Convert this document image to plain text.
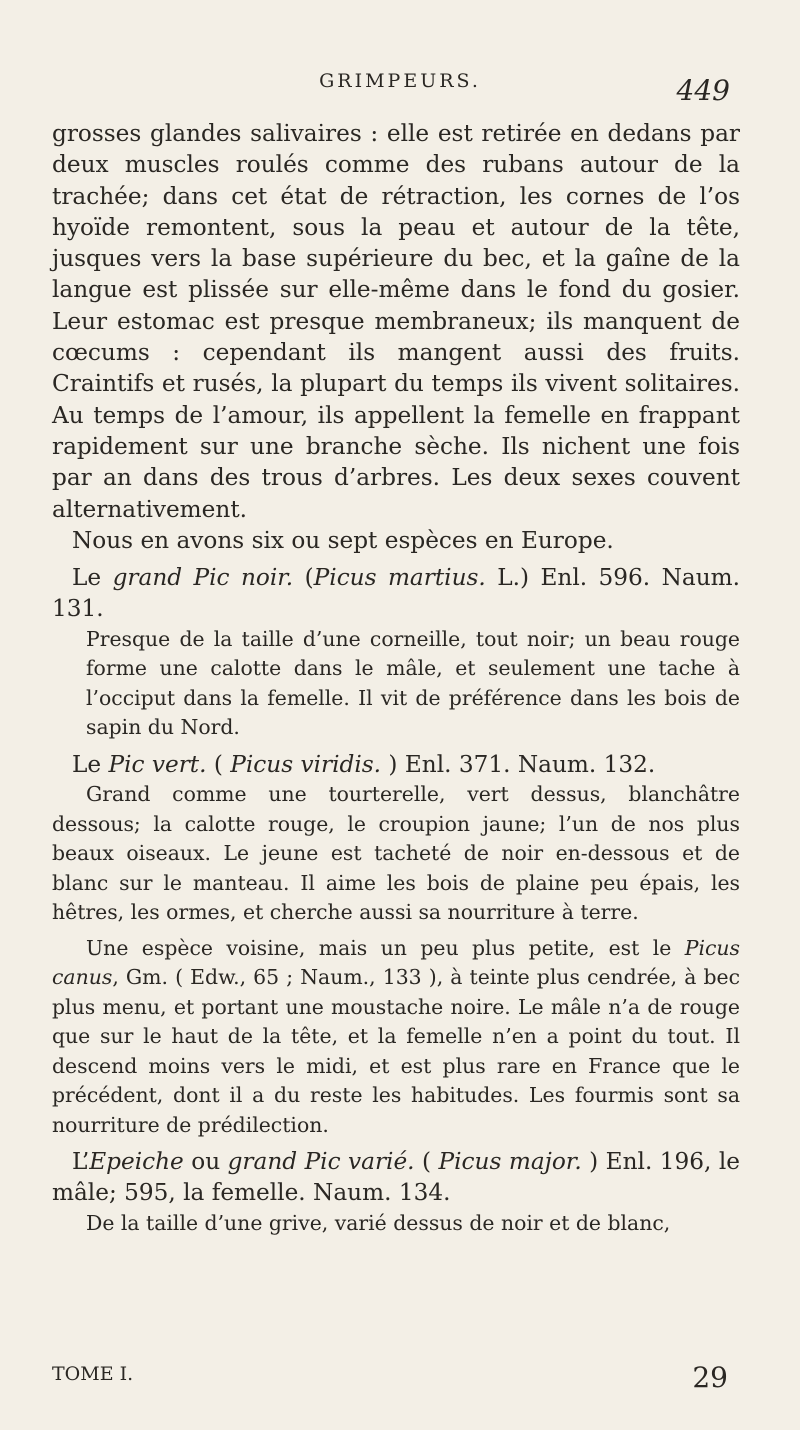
GRIMPEURS.	449

grosses glandes salivaires : elle est retirée en dedans par deux muscles roulés comme des rubans autour de la trachée; dans cet état de rétraction, les cornes de l’os hyoïde remontent, sous la peau et autour de la tête, jusques vers la base supérieure du bec, et la gaîne de la langue est plissée sur elle-même dans le fond du gosier. Leur estomac est presque membraneux; ils manquent de cœcums : cependant ils mangent aussi des fruits. Craintifs et rusés, la plupart du temps ils vivent solitaires. Au temps de l’amour, ils appellent la femelle en frappant rapidement sur une branche sèche. Ils nichent une fois par an dans des trous d’arbres. Les deux sexes couvent alternativement.

Nous en avons six ou sept espèces en Europe.

Le grand Pic noir. (Picus martius. L.) Enl. 596. Naum. 131.

Presque de la taille d’une corneille, tout noir; un beau rouge forme une calotte dans le mâle, et seulement une tache à l’occiput dans la femelle. Il vit de préférence dans les bois de sapin du Nord.

Le Pic vert. ( Picus viridis. ) Enl. 371. Naum. 132.

Grand comme une tourterelle, vert dessus, blanchâtre dessous; la calotte rouge, le croupion jaune; l’un de nos plus beaux oiseaux. Le jeune est tacheté de noir en-dessous et de blanc sur le manteau. Il aime les bois de plaine peu épais, les hêtres, les ormes, et cherche aussi sa nourriture à terre.

Une espèce voisine, mais un peu plus petite, est le Picus canus, Gm. ( Edw., 65 ; Naum., 133 ), à teinte plus cendrée, à bec plus menu, et portant une moustache noire. Le mâle n’a de rouge que sur le haut de la tête, et la femelle n’en a point du tout. Il descend moins vers le midi, et est plus rare en France que le précédent, dont il a du reste les habitudes. Les fourmis sont sa nourriture de prédilection.

L’Epeiche ou grand Pic varié. ( Picus major. ) Enl. 196, le mâle; 595, la femelle. Naum. 134.

De la taille d’une grive, varié dessus de noir et de blanc,

TOME I.	29
